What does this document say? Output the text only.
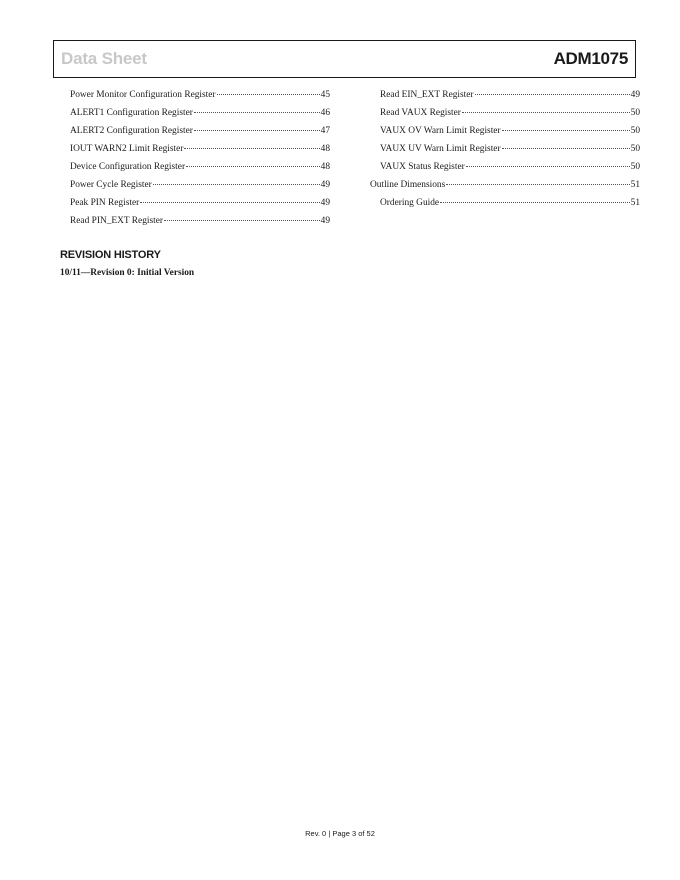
Data Sheet	ADM1075
Power Monitor Configuration Register	45
ALERT1 Configuration Register	46
ALERT2 Configuration Register	47
IOUT WARN2 Limit Register	48
Device Configuration Register	48
Power Cycle Register	49
Peak PIN Register	49
Read PIN_EXT Register	49
Read EIN_EXT Register	49
Read VAUX Register	50
VAUX OV Warn Limit Register	50
VAUX UV Warn Limit Register	50
VAUX Status Register	50
Outline Dimensions	51
Ordering Guide	51
REVISION HISTORY
10/11—Revision 0: Initial Version
Rev. 0 | Page 3 of 52
